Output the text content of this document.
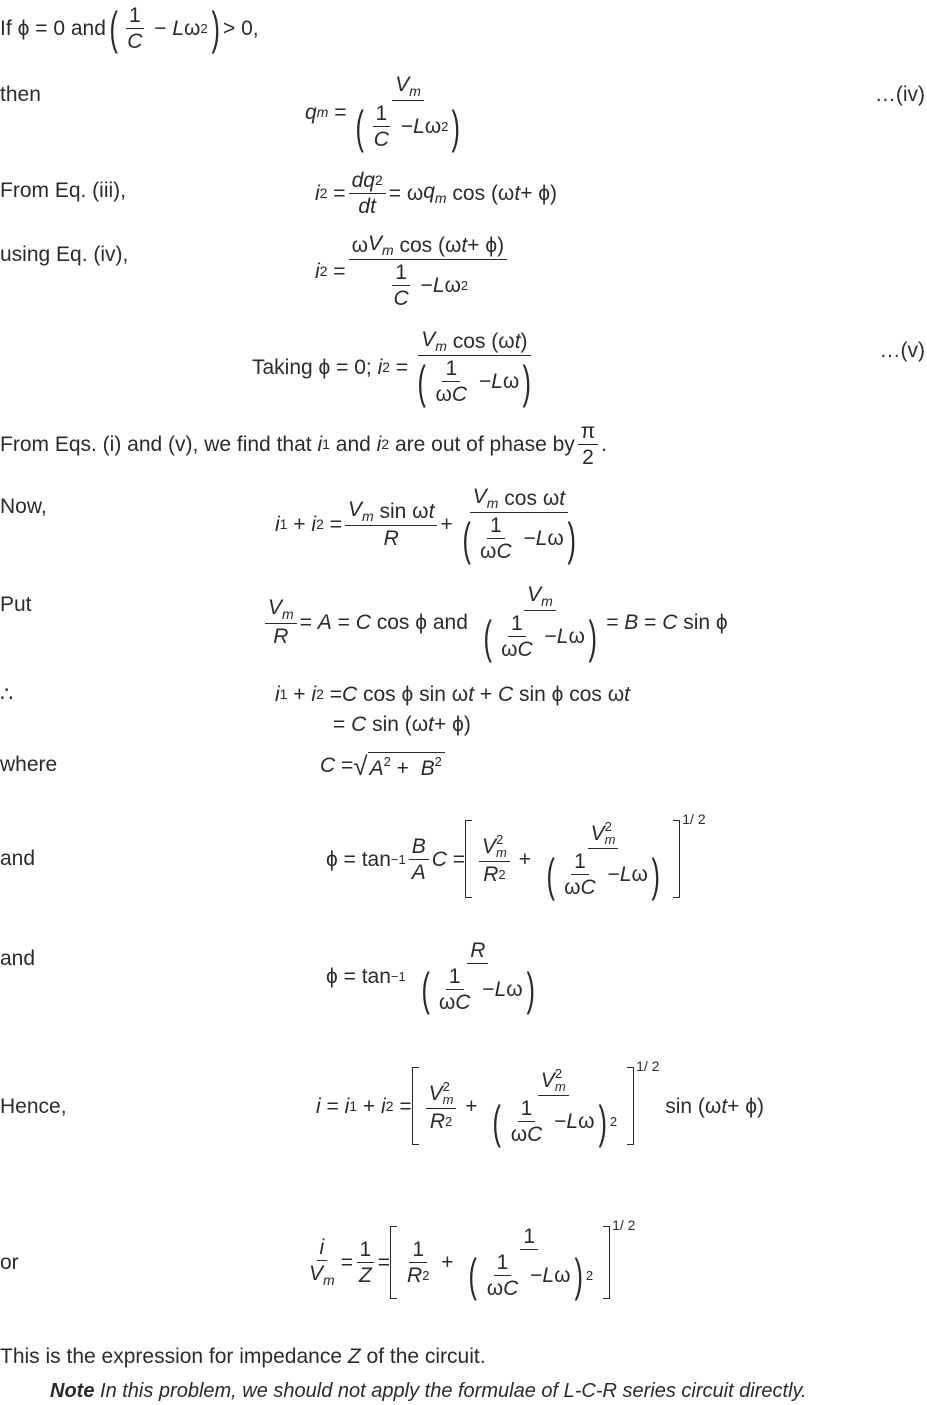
If ϕ = 0 and ( $\frac{1}{C} - L$ ω 2 ) > 0,
then
q $m = \frac{V_m}{( \frac{1}{C} - L \omega 2 )}$	…(iv)
From Eq. (iii),	i $2 = \frac{dq 2}{dt} = \omega$ $q_m$ cos (ω t + ϕ)
using Eq. (iv),
i $2 = \frac{\omega V_m \cos (\omega t + \phi)}{\frac{1}{C} - L \omega 2}$
Taking ϕ = 0;
i $2 = \frac{V_m \cos (\omega t )}{( \frac{1}{\text{ω C}} - L \omega )}$	…(v)
From Eqs. (i) and (v), we find that
i 1
and
i 2
are out of phase by $\frac{\pi}{2}$ .
Now,
i 1 + i $2 = \frac{V_m \sin \omega t}{R} + \frac{V_m \cos \omega t}{( \frac{1}{\text{ω C}} - L \omega )}$
Put	$\frac{V_m}{R} = A = C$ cos ϕ and
$\frac{V_m}{( \frac{1}{\text{ω C}} - L \omega )} = B = C$ sin ϕ
∴	i 1 + i 2 = C cos ϕ sin ω t + C sin ϕ cos ω t
= C sin (ω t + ϕ)
where	C = √ $A^2 + B^2$
and	$\phi = \tan -1 \frac{B}{A}$ C = V 2
m
R 2 + V 2
m
( $\frac{1}{\text{ω C}} - L$ ω )
1/ 2
and
ϕ = tan −1
$\frac{R}{( \frac{1}{\text{ω C}} - L \omega )}$
Hence,	i = i 1 + i 2 = V 2
m
R 2 + V 2
m
( $\frac{1}{\text{ω C}} - L$ ω ) 2
1/ 2
sin (ω t + ϕ)
or	$\frac{i}{V_m} = \frac{1}{Z} = \frac{1}{R 2} + \frac{1}{( \frac{1}{\text{ω C}} - L \omega ) 2}$
1/ 2
This is the expression for impedance Z of the circuit.
Note In this problem, we should not apply the formulae of L-C-R series circuit directly.
